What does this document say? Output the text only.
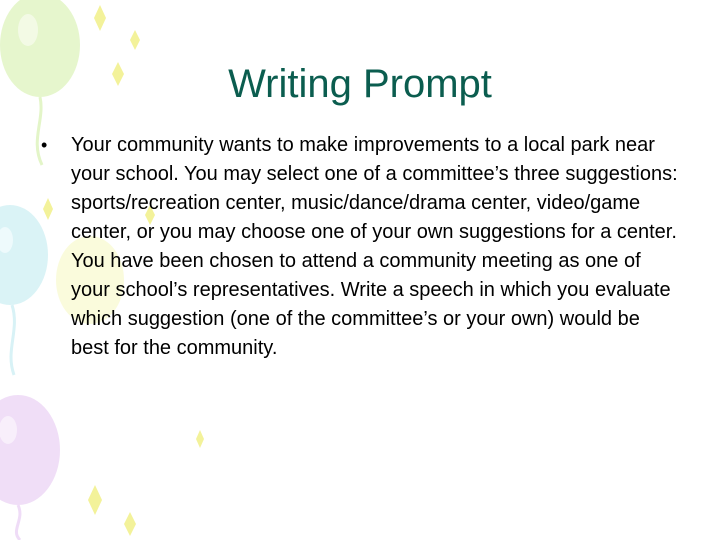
Writing Prompt
• Your community wants to make improvements to a local park near your school. You may select one of a committee’s three suggestions: sports/recreation center, music/dance/drama center, video/game center, or you may choose one of your own suggestions for a center. You have been chosen to attend a community meeting as one of your school’s representatives. Write a speech in which you evaluate which suggestion (one of the committee’s or your own) would be best for the community.
